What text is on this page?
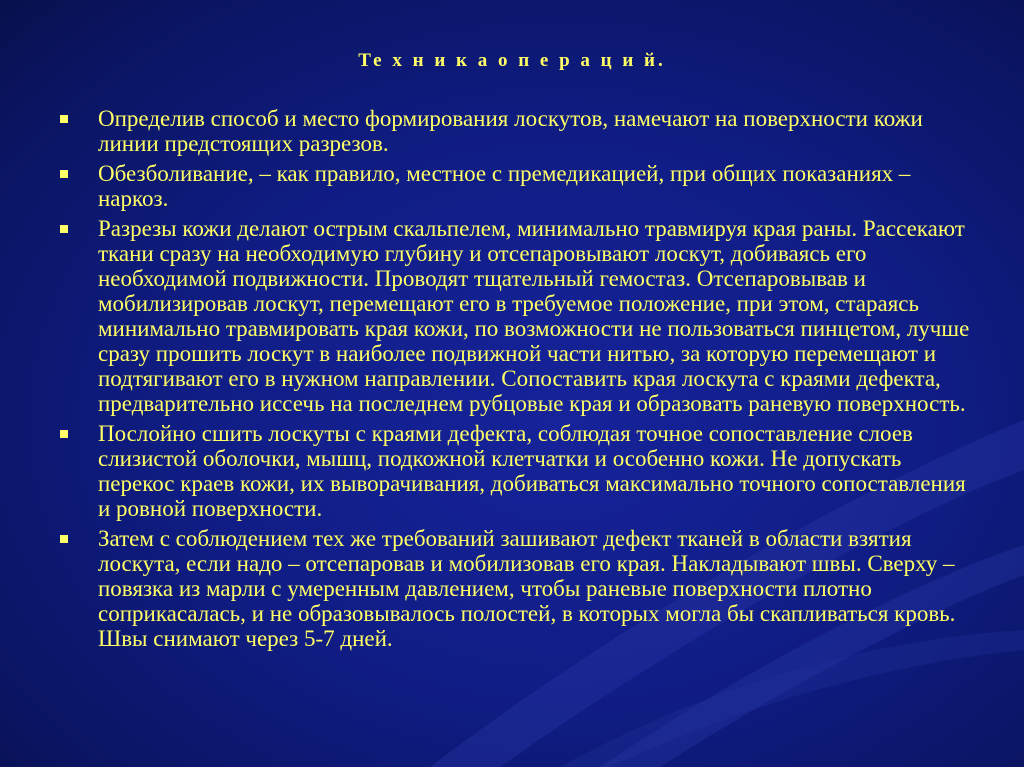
Те х н и к а о п е р а ц и й.
Определив способ и место формирования лоскутов, намечают на поверхности кожи линии предстоящих разрезов.
Обезболивание, – как правило, местное с премедикацией, при общих показаниях – наркоз.
Разрезы кожи делают острым скальпелем, минимально травмируя края раны. Рассекают ткани сразу на необходимую глубину и отсепаровывают лоскут, добиваясь его необходимой подвижности. Проводят тщательный гемостаз. Отсепаровывав и мобилизировав лоскут, перемещают его в требуемое положение, при этом, стараясь минимально травмировать края кожи, по возможности не пользоваться пинцетом, лучше сразу прошить лоскут в наиболее подвижной части нитью, за которую перемещают и подтягивают его в нужном направлении. Сопоставить края лоскута с краями дефекта, предварительно иссечь на последнем рубцовые края и образовать раневую поверхность.
Послойно сшить лоскуты с краями дефекта, соблюдая точное сопоставление слоев слизистой оболочки, мышц, подкожной клетчатки и особенно кожи. Не допускать перекос краев кожи, их выворачивания, добиваться максимально точного сопоставления и ровной поверхности.
Затем с соблюдением тех же требований зашивают дефект тканей в области взятия лоскута, если надо – отсепаровав и мобилизовав его края. Накладывают швы. Сверху – повязка из марли с умеренным давлением, чтобы раневые поверхности плотно соприкасалась, и не образовывалось полостей, в которых могла бы скапливаться кровь. Швы снимают через 5-7 дней.
